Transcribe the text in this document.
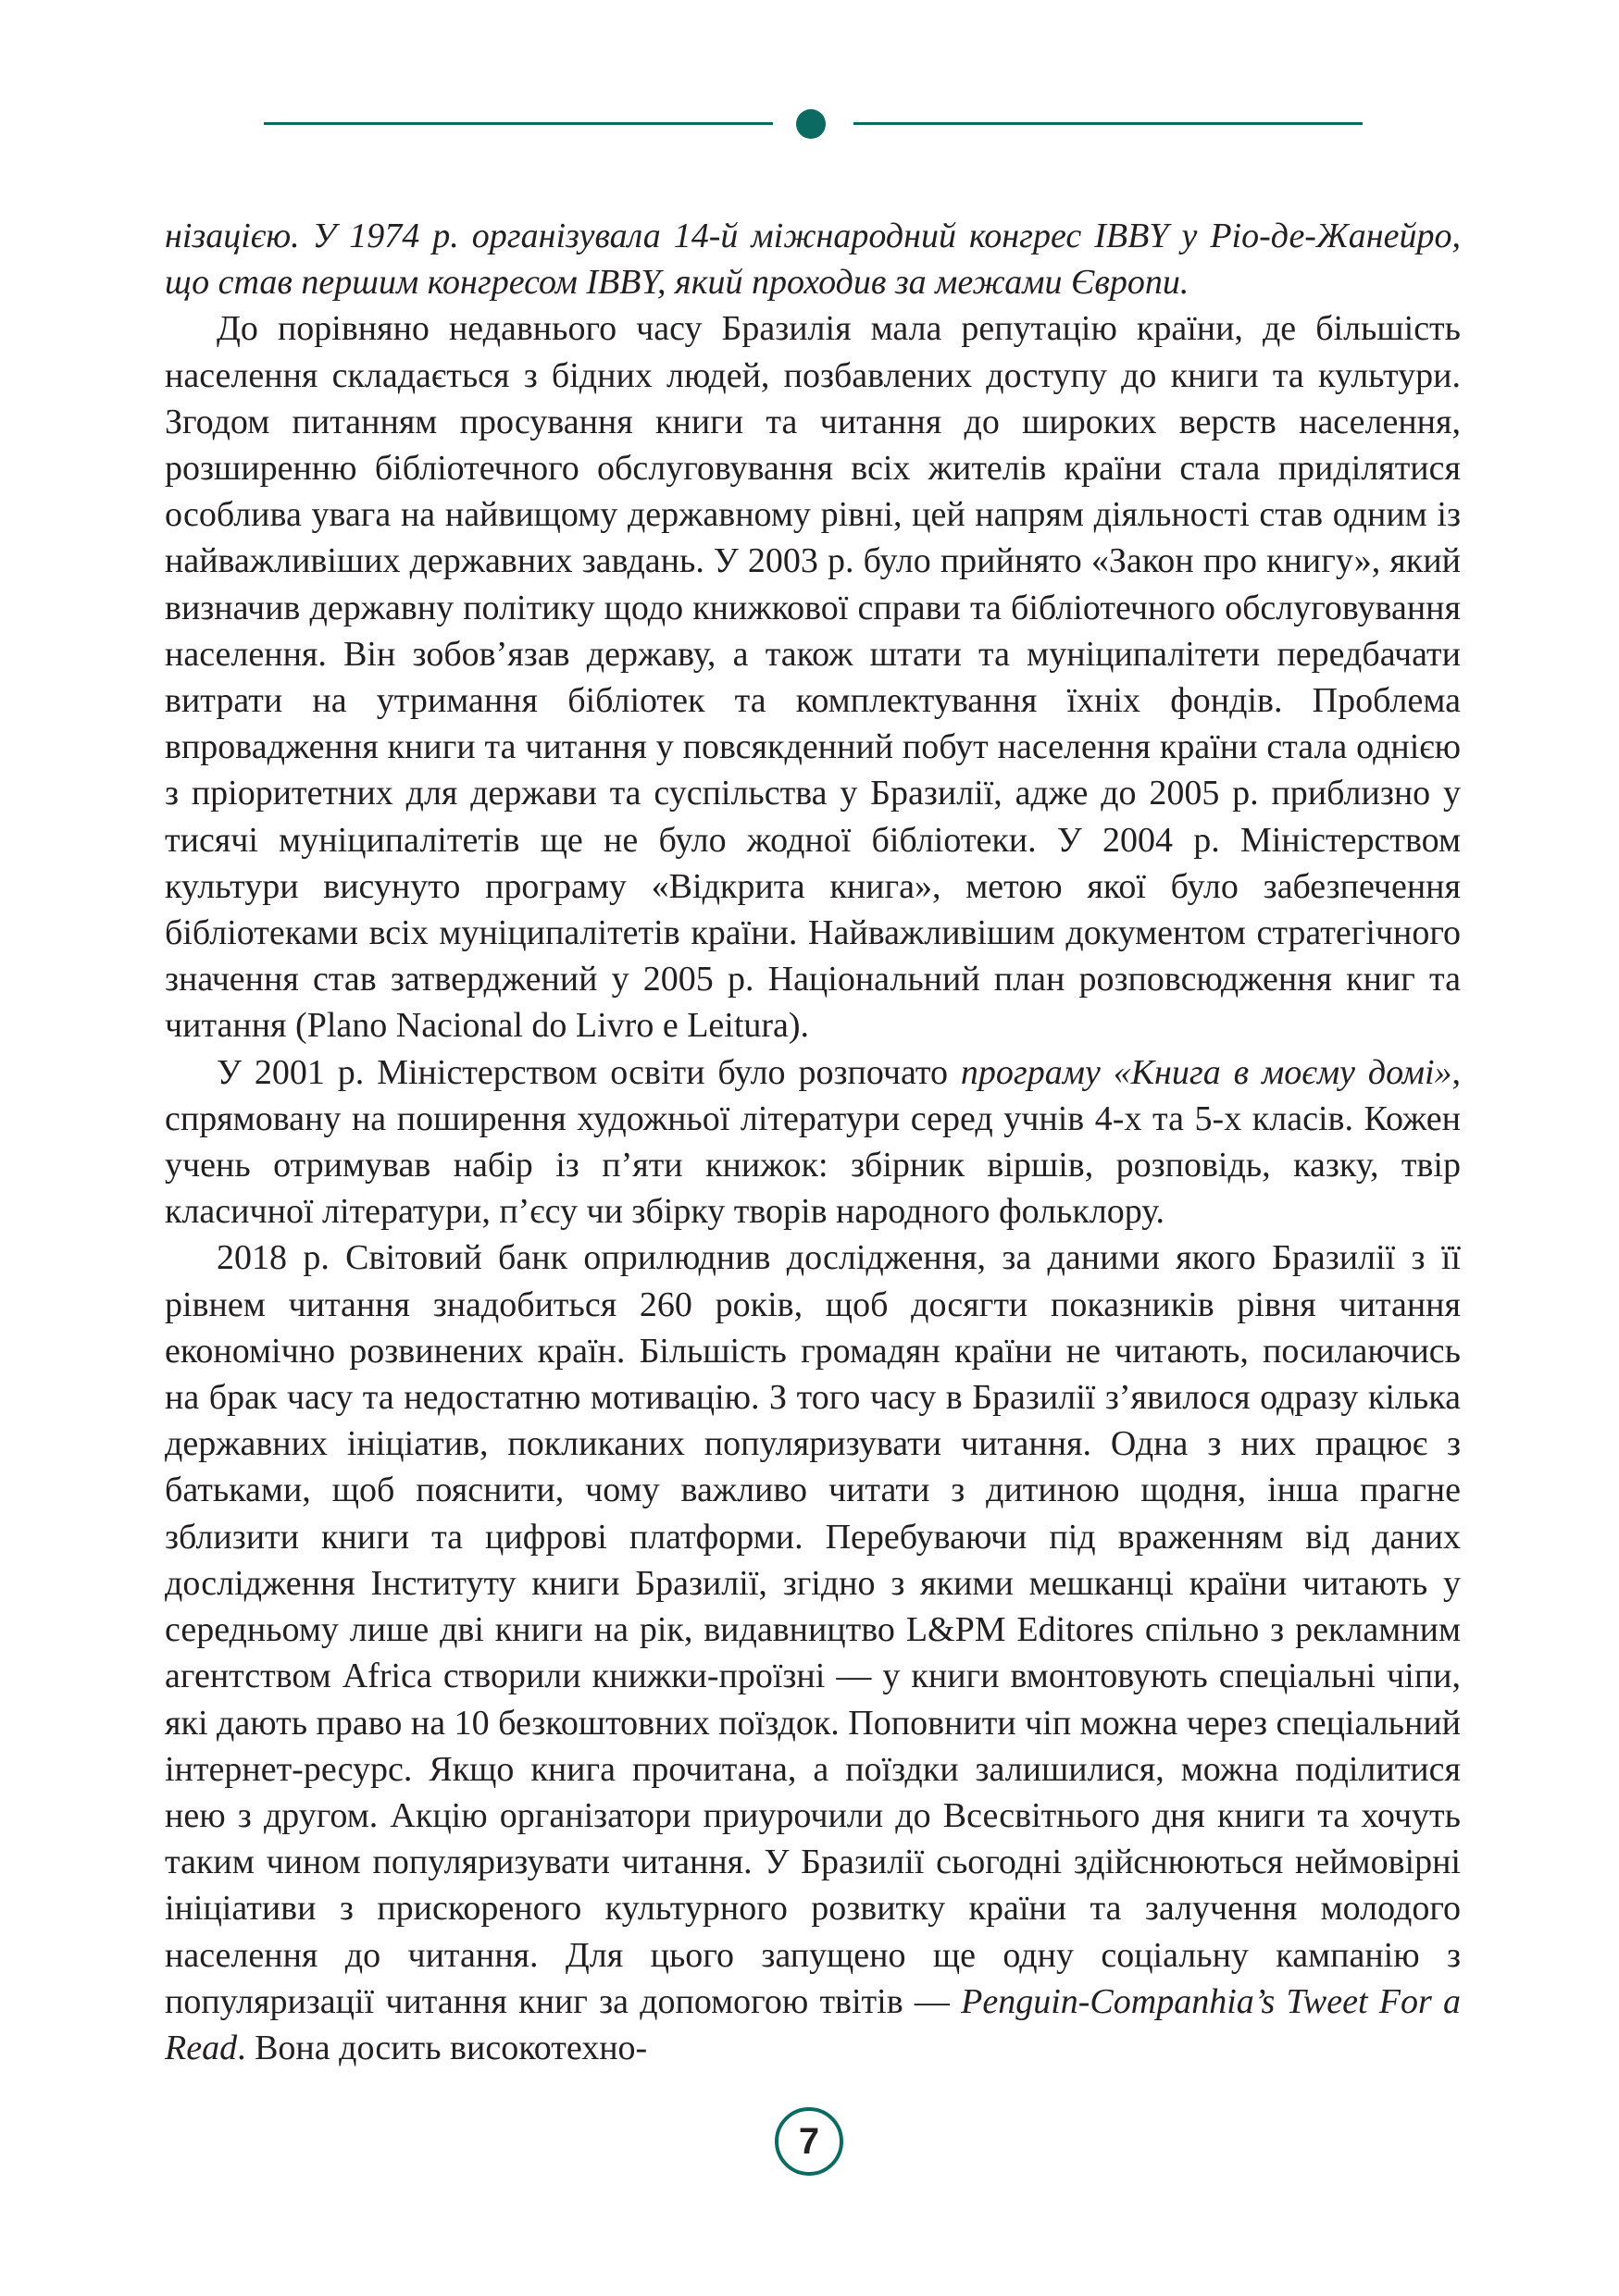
нізацією. У 1974 р. організувала 14-й міжнародний конгрес IBBY у Ріо-де-Жанейро, що став першим конгресом IBBY, який проходив за межами Європи.

До порівняно недавнього часу Бразилія мала репутацію країни, де більшість населення складається з бідних людей, позбавлених доступу до книги та культури. Згодом питанням просування книги та читання до широких верств населення, розширенню бібліотечного обслуговування всіх жителів країни стала приділятися особлива увага на найвищому державному рівні, цей напрям діяльності став одним із найважливіших державних завдань. У 2003 р. було прийнято «Закон про книгу», який визначив державну політику щодо книжкової справи та бібліотечного обслуговування населення. Він зобов’язав державу, а також штати та муніципалітети передбачати витрати на утримання бібліотек та комплектування їхніх фондів. Проблема впровадження книги та читання у повсякденний побут населення країни стала однією з пріоритетних для держави та суспільства у Бразилії, адже до 2005 р. приблизно у тисячі муніципалітетів ще не було жодної бібліотеки. У 2004 р. Міністерством культури висунуто програму «Відкрита книга», метою якої було забезпечення бібліотеками всіх муніципалітетів країни. Найважливішим документом стратегічного значення став затверджений у 2005 р. Національний план розповсюдження книг та читання (Plano Nacional do Livro e Leitura).

У 2001 р. Міністерством освіти було розпочато програму «Книга в моєму домі», спрямовану на поширення художньої літератури серед учнів 4-х та 5-х класів. Кожен учень отримував набір із п’яти книжок: збірник віршів, розповідь, казку, твір класичної літератури, п’єсу чи збірку творів народного фольклору.

2018 р. Світовий банк оприлюднив дослідження, за даними якого Бразилії з її рівнем читання знадобиться 260 років, щоб досягти показників рівня читання економічно розвинених країн. Більшість громадян країни не читають, посилаючись на брак часу та недостатню мотивацію. З того часу в Бразилії з’явилося одразу кілька державних ініціатив, покликаних популяризувати читання. Одна з них працює з батьками, щоб пояснити, чому важливо читати з дитиною щодня, інша прагне зблизити книги та цифрові платформи. Перебуваючи під враженням від даних дослідження Інституту книги Бразилії, згідно з якими мешканці країни читають у середньому лише дві книги на рік, видавництво L&PM Editores спільно з рекламним агентством Africa створили книжки-проїзні — у книги вмонтовують спеціальні чіпи, які дають право на 10 безкоштовних поїздок. Поповнити чіп можна через спеціальний інтернет-ресурс. Якщо книга прочитана, а поїздки залишилися, можна поділитися нею з другом. Акцію організатори приурочили до Всесвітнього дня книги та хочуть таким чином популяризувати читання. У Бразилії сьогодні здійснюються неймовірні ініціативи з прискореного культурного розвитку країни та залучення молодого населення до читання. Для цього запущено ще одну соціальну кампанію з популяризації читання книг за допомогою твітів — Penguin-Companhia’s Tweet For a Read. Вона досить високотехно-

7
